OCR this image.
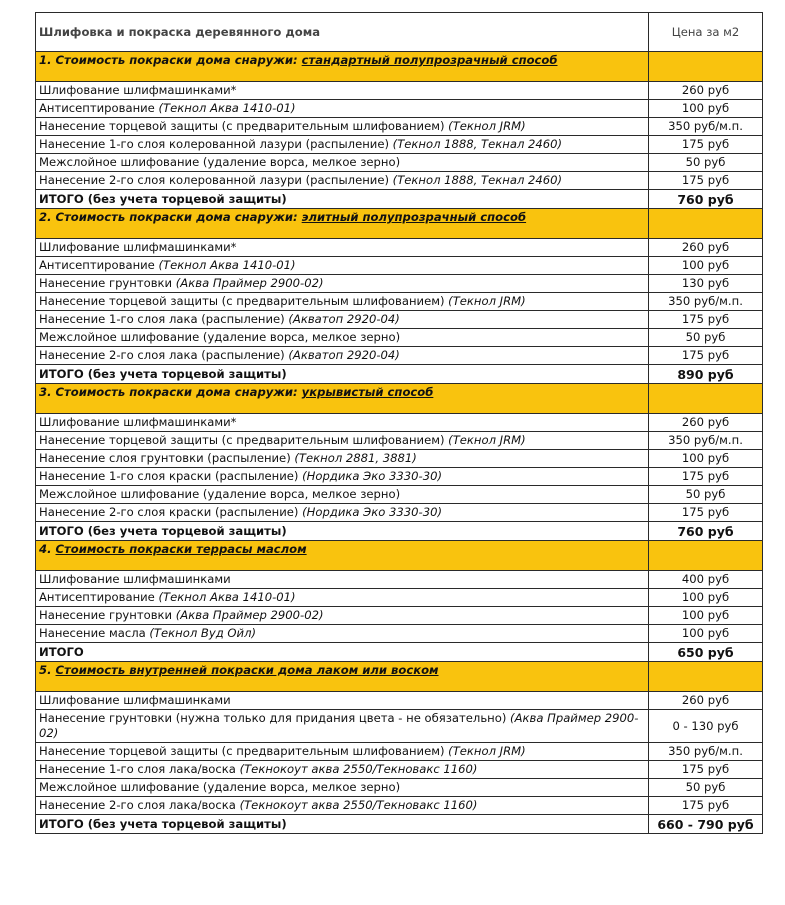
Шлифовка и покраска деревянного дома	Цена за м2
1. Стоимость покраски дома снаружи: стандартный полупрозрачный способ	
Шлифование шлифмашинками*	260 руб
Антисептирование (Текнол Аква 1410-01)	100 руб
Нанесение торцевой защиты (с предварительным шлифованием) (Текнол JRM)	350 руб/м.п.
Нанесение 1-го слоя колерованной лазури (распыление) (Текнол 1888, Текнал 2460)	175 руб
Межслойное шлифование (удаление ворса, мелкое зерно)	50 руб
Нанесение 2-го слоя колерованной лазури (распыление) (Текнол 1888, Текнал 2460)	175 руб
ИТОГО (без учета торцевой защиты)	760 руб
2. Стоимость покраски дома снаружи: элитный полупрозрачный способ	
Шлифование шлифмашинками*	260 руб
Антисептирование (Текнол Аква 1410-01)	100 руб
Нанесение грунтовки (Аква Праймер 2900-02)	130 руб
Нанесение торцевой защиты (с предварительным шлифованием) (Текнол JRM)	350 руб/м.п.
Нанесение 1-го слоя лака (распыление) (Акватоп 2920-04)	175 руб
Межслойное шлифование (удаление ворса, мелкое зерно)	50 руб
Нанесение 2-го слоя лака (распыление) (Акватоп 2920-04)	175 руб
ИТОГО (без учета торцевой защиты)	890 руб
3. Стоимость покраски дома снаружи: укрывистый способ	
Шлифование шлифмашинками*	260 руб
Нанесение торцевой защиты (с предварительным шлифованием) (Текнол JRM)	350 руб/м.п.
Нанесение слоя грунтовки (распыление) (Текнол 2881, 3881)	100 руб
Нанесение 1-го слоя краски (распыление) (Нордика Эко 3330-30)	175 руб
Межслойное шлифование (удаление ворса, мелкое зерно)	50 руб
Нанесение 2-го слоя краски (распыление) (Нордика Эко 3330-30)	175 руб
ИТОГО (без учета торцевой защиты)	760 руб
4. Стоимость покраски террасы маслом	
Шлифование шлифмашинками	400 руб
Антисептирование (Текнол Аква 1410-01)	100 руб
Нанесение грунтовки (Аква Праймер 2900-02)	100 руб
Нанесение масла (Текнол Вуд Ойл)	100 руб
ИТОГО	650 руб
5. Стоимость внутренней покраски дома лаком или воском	
Шлифование шлифмашинками	260 руб
Нанесение грунтовки (нужна только для придания цвета - не обязательно) (Аква Праймер 2900-02)	0 - 130 руб
Нанесение торцевой защиты (с предварительным шлифованием) (Текнол JRM)	350 руб/м.п.
Нанесение 1-го слоя лака/воска (Текнокоут аква 2550/Текновакс 1160)	175 руб
Межслойное шлифование (удаление ворса, мелкое зерно)	50 руб
Нанесение 2-го слоя лака/воска (Текнокоут аква 2550/Текновакс 1160)	175 руб
ИТОГО (без учета торцевой защиты)	660 - 790 руб
